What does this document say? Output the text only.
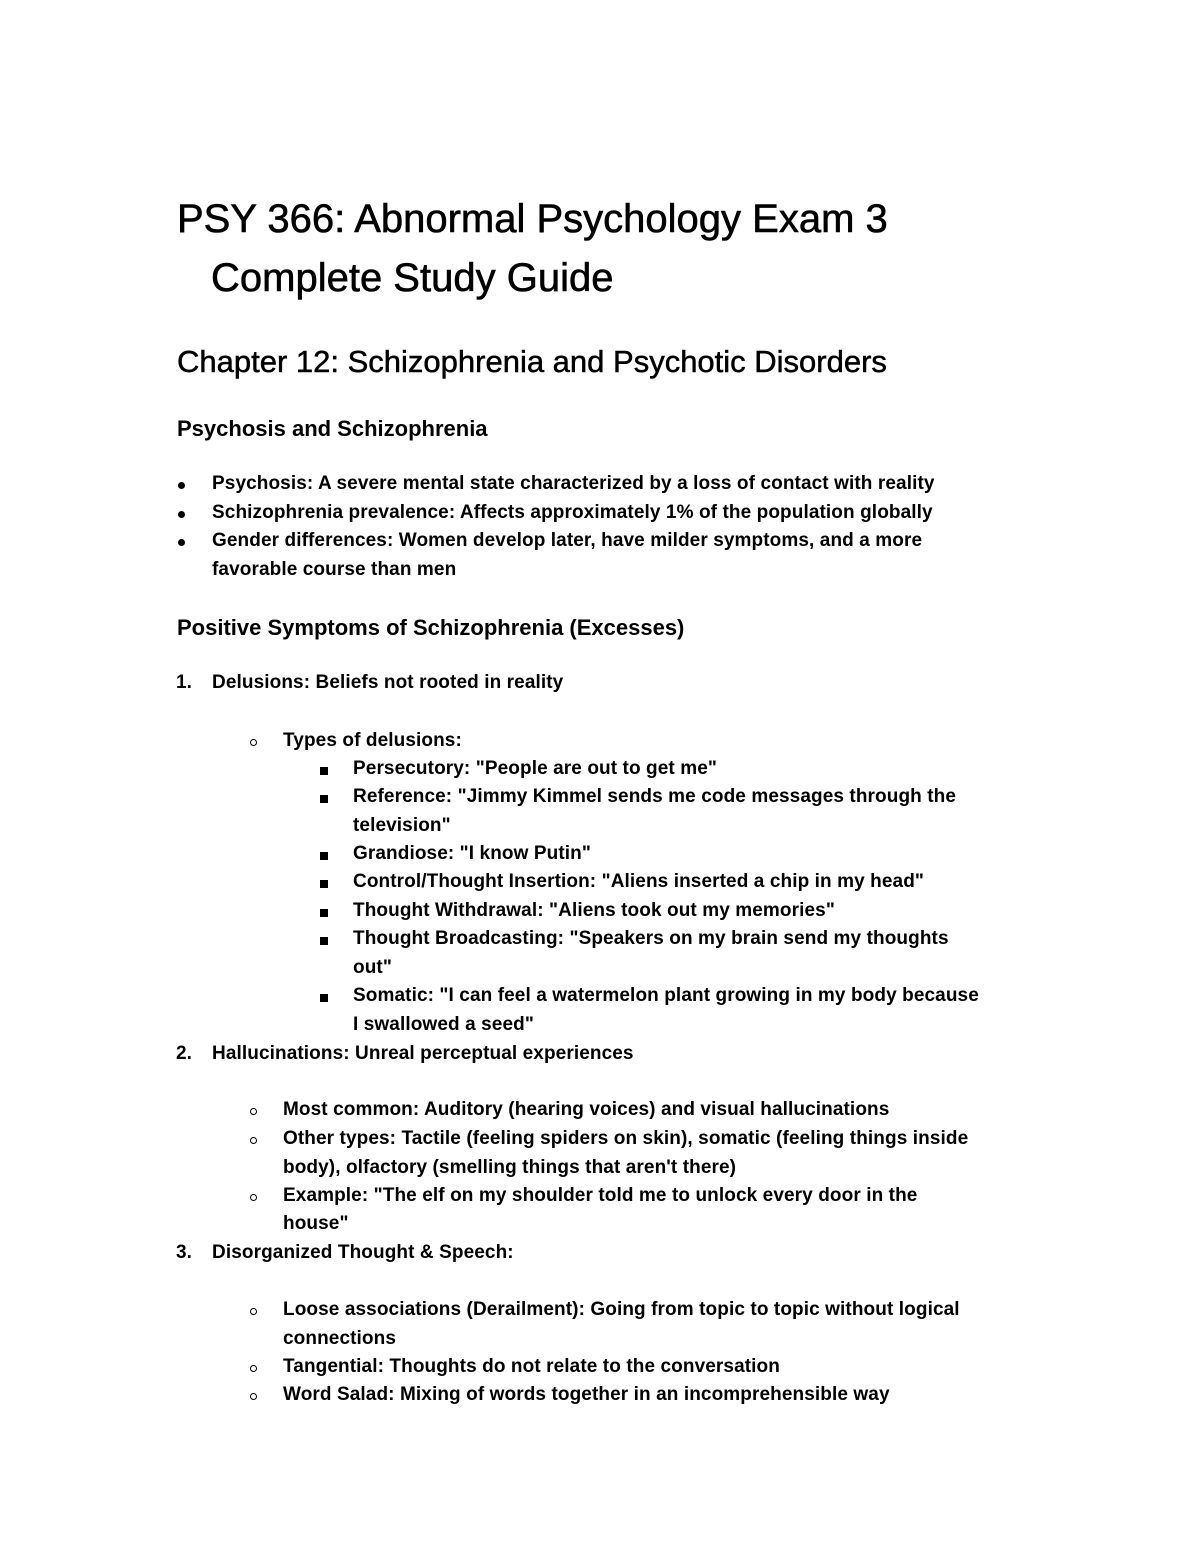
PSY 366: Abnormal Psychology Exam 3
Complete Study Guide
Chapter 12: Schizophrenia and Psychotic Disorders
Psychosis and Schizophrenia
Psychosis: A severe mental state characterized by a loss of contact with reality
Schizophrenia prevalence: Affects approximately 1% of the population globally
Gender differences: Women develop later, have milder symptoms, and a more
favorable course than men
Positive Symptoms of Schizophrenia (Excesses)
1. Delusions: Beliefs not rooted in reality
Types of delusions:
Persecutory: "People are out to get me"
Reference: "Jimmy Kimmel sends me code messages through the
television"
Grandiose: "I know Putin"
Control/Thought Insertion: "Aliens inserted a chip in my head"
Thought Withdrawal: "Aliens took out my memories"
Thought Broadcasting: "Speakers on my brain send my thoughts
out"
Somatic: "I can feel a watermelon plant growing in my body because
I swallowed a seed"
2. Hallucinations: Unreal perceptual experiences
Most common: Auditory (hearing voices) and visual hallucinations
Other types: Tactile (feeling spiders on skin), somatic (feeling things inside
body), olfactory (smelling things that aren't there)
Example: "The elf on my shoulder told me to unlock every door in the
house"
3. Disorganized Thought & Speech:
Loose associations (Derailment): Going from topic to topic without logical
connections
Tangential: Thoughts do not relate to the conversation
Word Salad: Mixing of words together in an incomprehensible way
